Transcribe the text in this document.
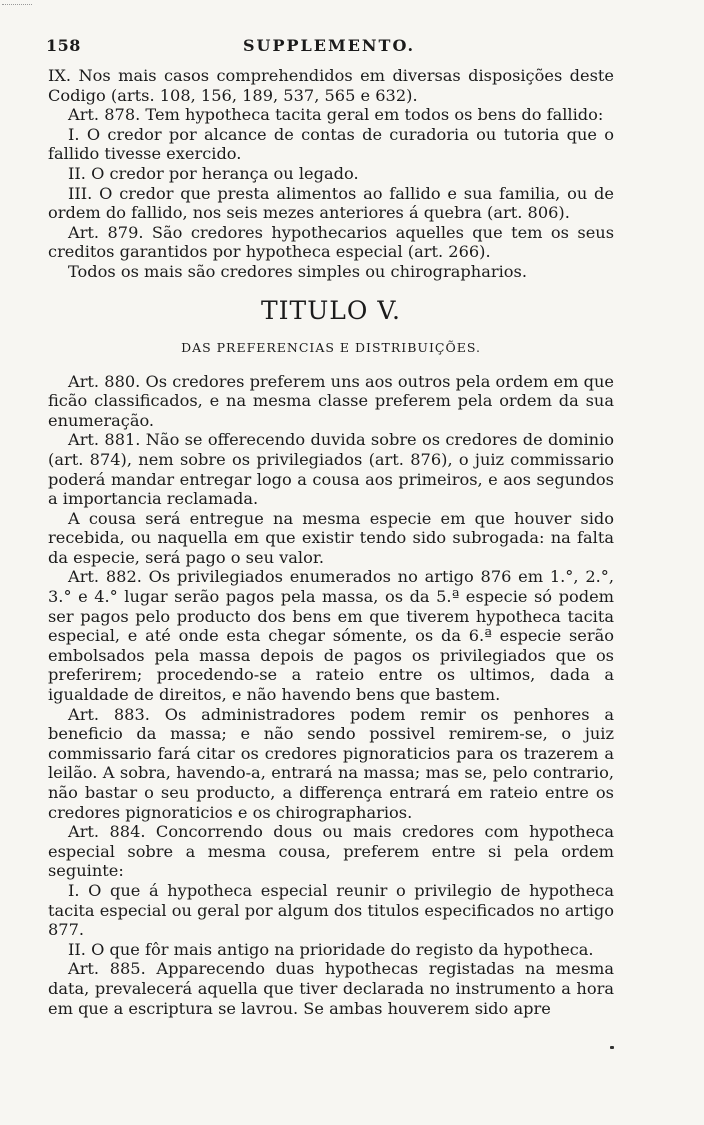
158	SUPPLEMENTO.

IX. Nos mais casos comprehendidos em diversas disposições deste Codigo (arts. 108, 156, 189, 537, 565 e 632).

Art. 878. Tem hypotheca tacita geral em todos os bens do fallido:

I. O credor por alcance de contas de curadoria ou tutoria que o fallido tivesse exercido.

II. O credor por herança ou legado.

III. O credor que presta alimentos ao fallido e sua familia, ou de ordem do fallido, nos seis mezes anteriores á quebra (art. 806).

Art. 879. São credores hypothecarios aquelles que tem os seus creditos garantidos por hypotheca especial (art. 266).

Todos os mais são credores simples ou chirographarios.

TITULO V.
DAS PREFERENCIAS E DISTRIBUIÇÕES.

Art. 880. Os credores preferem uns aos outros pela ordem em que ficão classificados, e na mesma classe preferem pela ordem da sua enumeração.

Art. 881. Não se offerecendo duvida sobre os credores de dominio (art. 874), nem sobre os privilegiados (art. 876), o juiz commissario poderá mandar entregar logo a cousa aos primeiros, e aos segundos a importancia reclamada.

A cousa será entregue na mesma especie em que houver sido recebida, ou naquella em que existir tendo sido subrogada: na falta da especie, será pago o seu valor.

Art. 882. Os privilegiados enumerados no artigo 876 em 1.°, 2.°, 3.° e 4.° lugar serão pagos pela massa, os da 5.ª especie só podem ser pagos pelo producto dos bens em que tiverem hypotheca tacita especial, e até onde esta chegar sómente, os da 6.ª especie serão embolsados pela massa depois de pagos os privilegiados que os preferirem; procedendo-se a rateio entre os ultimos, dada a igualdade de direitos, e não havendo bens que bastem.

Art. 883. Os administradores podem remir os penhores a beneficio da massa; e não sendo possivel remirem-se, o juiz commissario fará citar os credores pignoraticios para os trazerem a leilão. A sobra, havendo-a, entrará na massa; mas se, pelo contrario, não bastar o seu producto, a differença entrará em rateio entre os credores pignoraticios e os chirographarios.

Art. 884. Concorrendo dous ou mais credores com hypotheca especial sobre a mesma cousa, preferem entre si pela ordem seguinte:

I. O que á hypotheca especial reunir o privilegio de hypotheca tacita especial ou geral por algum dos titulos especificados no artigo 877.

II. O que fôr mais antigo na prioridade do registo da hypotheca.

Art. 885. Apparecendo duas hypothecas registadas na mesma data, prevalecerá aquella que tiver declarada no instrumento a hora em que a escriptura se lavrou. Se ambas houverem sido apre
